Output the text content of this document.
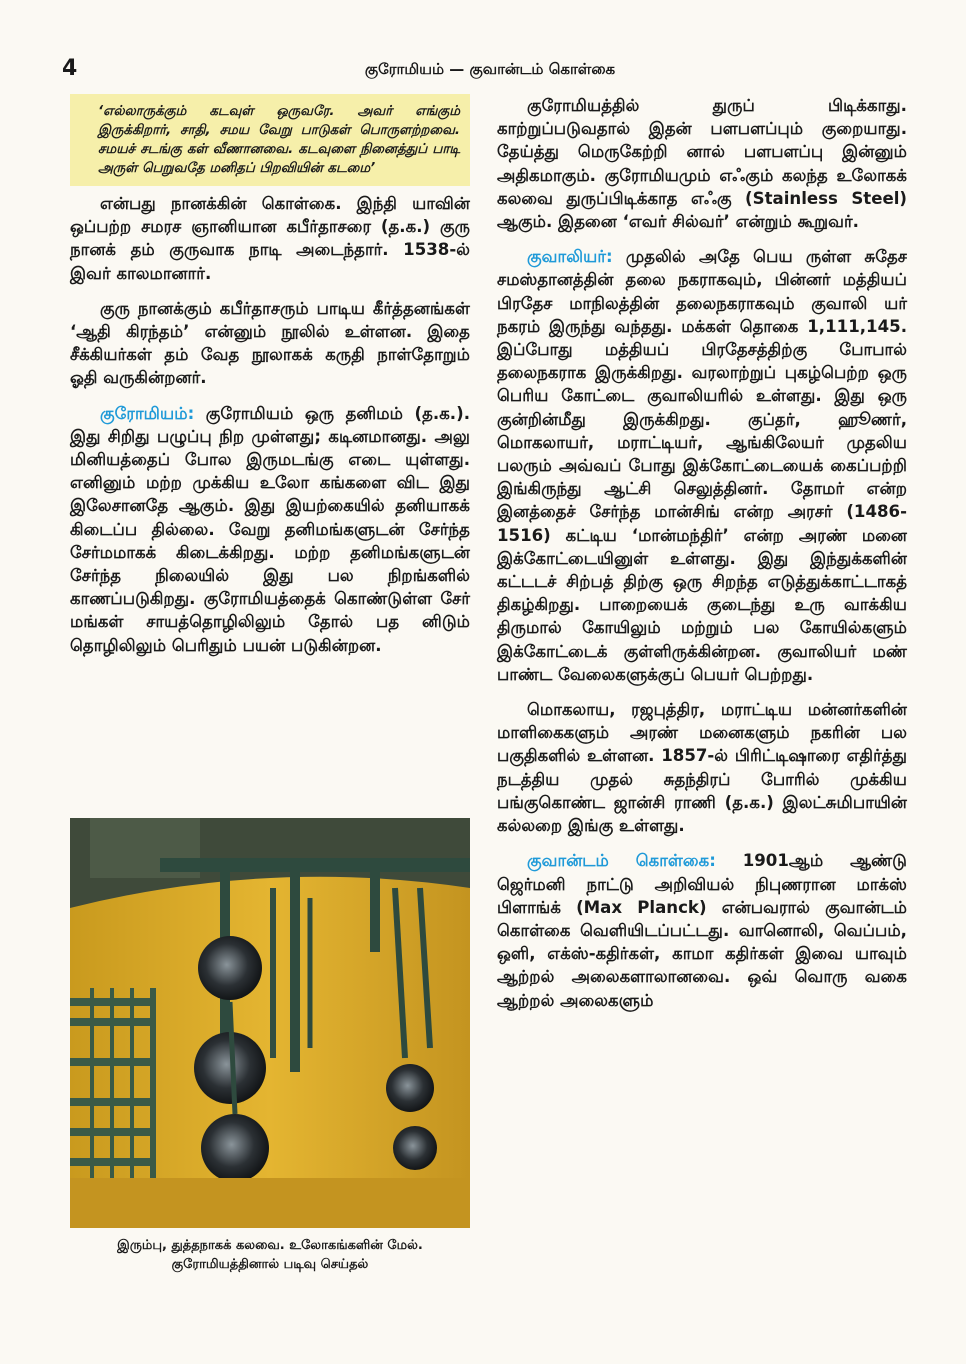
4	குரோமியம் — குவான்டம் கொள்கை
‘எல்லாருக்கும் கடவுள் ஒருவரே. அவர் எங்கும் இருக்கிறார், சாதி, சமய வேறு பாடுகள் பொருளற்றவை. சமயச் சடங்கு கள் வீணானவை. கடவுளை நினைத்துப் பாடி அருள் பெறுவதே மனிதப் பிறவியின் கடமை’

என்பது நானக்கின் கொள்கை. இந்தி யாவின் ஒப்பற்ற சமரச ஞானியான கபீர்தாசரை (த.க.) குரு நானக் தம் குருவாக நாடி அடைந்தார். 1538-ல் இவர் காலமானார்.

குரு நானக்கும் கபீர்தாசரும் பாடிய கீர்த்தனங்கள் ‘ஆதி கிரந்தம்’ என்னும் நூலில் உள்ளன. இதை சீக்கியர்கள் தம் வேத நூலாகக் கருதி நாள்தோறும் ஓதி வருகின்றனர்.

குரோமியம்: குரோமியம் ஒரு தனிமம் (த.க.). இது சிறிது பழுப்பு நிற முள்ளது; கடினமானது. அலு மினியத்தைப் போல இருமடங்கு எடை யுள்ளது. எனினும் மற்ற முக்கிய உலோ கங்களை விட இது இலேசானதே ஆகும். இது இயற்கையில் தனியாகக் கிடைப்ப தில்லை. வேறு தனிமங்களுடன் சேர்ந்த சேர்மமாகக் கிடைக்கிறது. மற்ற தனிமங்களுடன் சேர்ந்த நிலையில் இது பல நிறங்களில் காணப்படுகிறது. குரோமியத்தைக் கொண்டுள்ள சேர் மங்கள் சாயத்தொழிலிலும் தோல் பத னிடும் தொழிலிலும் பெரிதும் பயன் படுகின்றன.

இரும்பு, துத்தநாகக் கலவை. உலோகங்களின் மேல். குரோமியத்தினால் படிவு செய்தல்

குரோமியத்தில் துருப் பிடிக்காது. காற்றுப்படுவதால் இதன் பளபளப்பும் குறையாது. தேய்த்து மெருகேற்றி னால் பளபளப்பு இன்னும் அதிகமாகும். குரோமியமும் எஃகும் கலந்த உலோகக் கலவை துருப்பிடிக்காத எஃகு (Stainless Steel) ஆகும். இதனை ‘எவர் சில்வர்’ என்றும் கூறுவர்.

குவாலியர்: முதலில் அதே பெய ருள்ள சுதேச சமஸ்தானத்தின் தலை நகராகவும், பின்னர் மத்தியப் பிரதேச மாநிலத்தின் தலைநகராகவும் குவாலி யர் நகரம் இருந்து வந்தது. மக்கள் தொகை 1,111,145. இப்போது மத்தியப் பிரதேசத்திற்கு போபால் தலைநகராக இருக்கிறது. வரலாற்றுப் புகழ்பெற்ற ஒரு பெரிய கோட்டை குவாலியரில் உள்ளது. இது ஒரு குன்றின்மீது இருக்கிறது. குப்தர், ஹூணர், மொகலாயர், மராட்டியர், ஆங்கிலேயர் முதலிய பலரும் அவ்வப் போது இக்கோட்டையைக் கைப்பற்றி இங்கிருந்து ஆட்சி செலுத்தினர். தோமர் என்ற இனத்தைச் சேர்ந்த மான்சிங் என்ற அரசர் (1486-1516) கட்டிய ‘மான்மந்திர்’ என்ற அரண் மனை இக்கோட்டையினுள் உள்ளது. இது இந்துக்களின் கட்டடச் சிற்பத் திற்கு ஒரு சிறந்த எடுத்துக்காட்டாகத் திகழ்கிறது. பாறையைக் குடைந்து உரு வாக்கிய திருமால் கோயிலும் மற்றும் பல கோயில்களும் இக்கோட்டைக் குள்ளிருக்கின்றன. குவாலியர் மண் பாண்ட வேலைகளுக்குப் பெயர் பெற்றது.

மொகலாய, ரஜபுத்திர, மராட்டிய மன்னர்களின் மாளிகைகளும் அரண் மனைகளும் நகரின் பல பகுதிகளில் உள்ளன. 1857-ல் பிரிட்டிஷாரை எதிர்த்து நடத்திய முதல் சுதந்திரப் போரில் முக்கிய பங்குகொண்ட ஜான்சி ராணி (த.க.) இலட்சுமிபாயின் கல்லறை இங்கு உள்ளது.

குவான்டம் கொள்கை: 1901ஆம் ஆண்டு ஜெர்மனி நாட்டு அறிவியல் நிபுணரான மாக்ஸ் பிளாங்க் (Max Planck) என்பவரால் குவான்டம் கொள்கை வெளியிடப்பட்டது. வானொலி, வெப்பம், ஒளி, எக்ஸ்-கதிர்கள், காமா கதிர்கள் இவை யாவும் ஆற்றல் அலைகளாலானவை. ஒவ் வொரு வகை ஆற்றல் அலைகளும்
